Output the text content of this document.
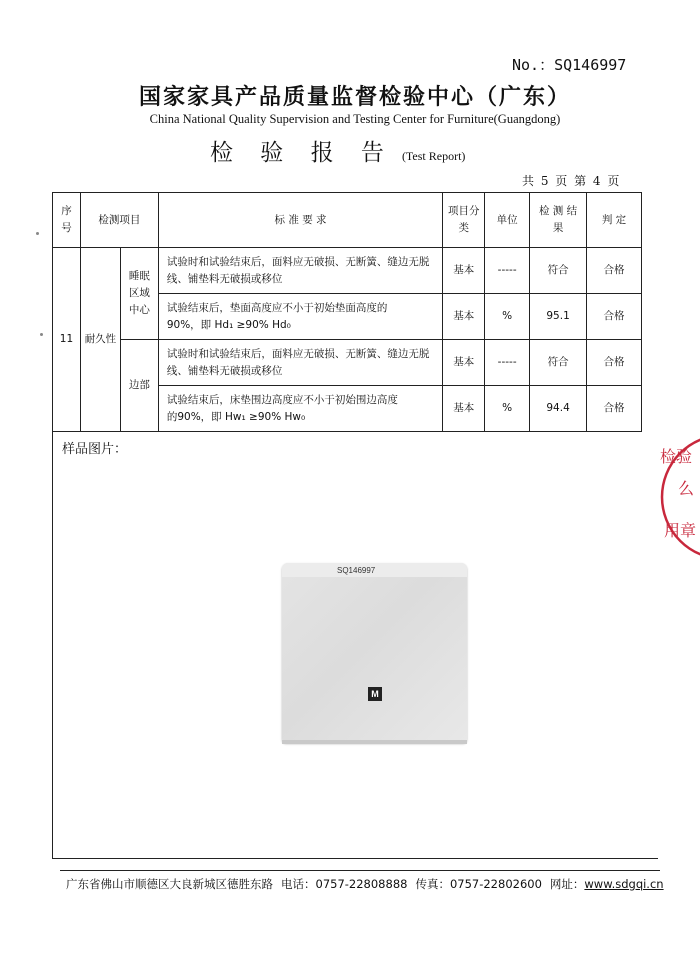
No.：SQ146997
国家家具产品质量监督检验中心（广东）
China National Quality Supervision and Testing Center for Furniture(Guangdong)
检 验 报 告 (Test Report)
共 5 页 第 4 页
序号	检测项目		标 准 要 求	项目分类	单位	检 测 结 果	判 定
11	耐久性	睡眠区域中心	试验时和试验结束后，面料应无破损、无断簧、缝边无脱线、铺垫料无破损或移位	基本	-----	符合	合格

			试验结束后，垫面高度应不小于初始垫面高度的
90%，即 Hd₁ ≥90% Hd₀	基本	%	95.1	合格
		边部	试验时和试验结束后，面料应无破损、无断簧、缝边无脱线、铺垫料无破损或移位	基本	-----	符合	合格

			试验结束后，床垫围边高度应不小于初始围边高度
的90%，即 Hw₁ ≥90% Hw₀	基本	%	94.4	合格
样品图片：
SQ146997
M
检验
么
用章
广东省佛山市顺德区大良新城区德胜东路 电话：0757-22808888 传真：0757-22802600 网址：www.sdgqi.cn
